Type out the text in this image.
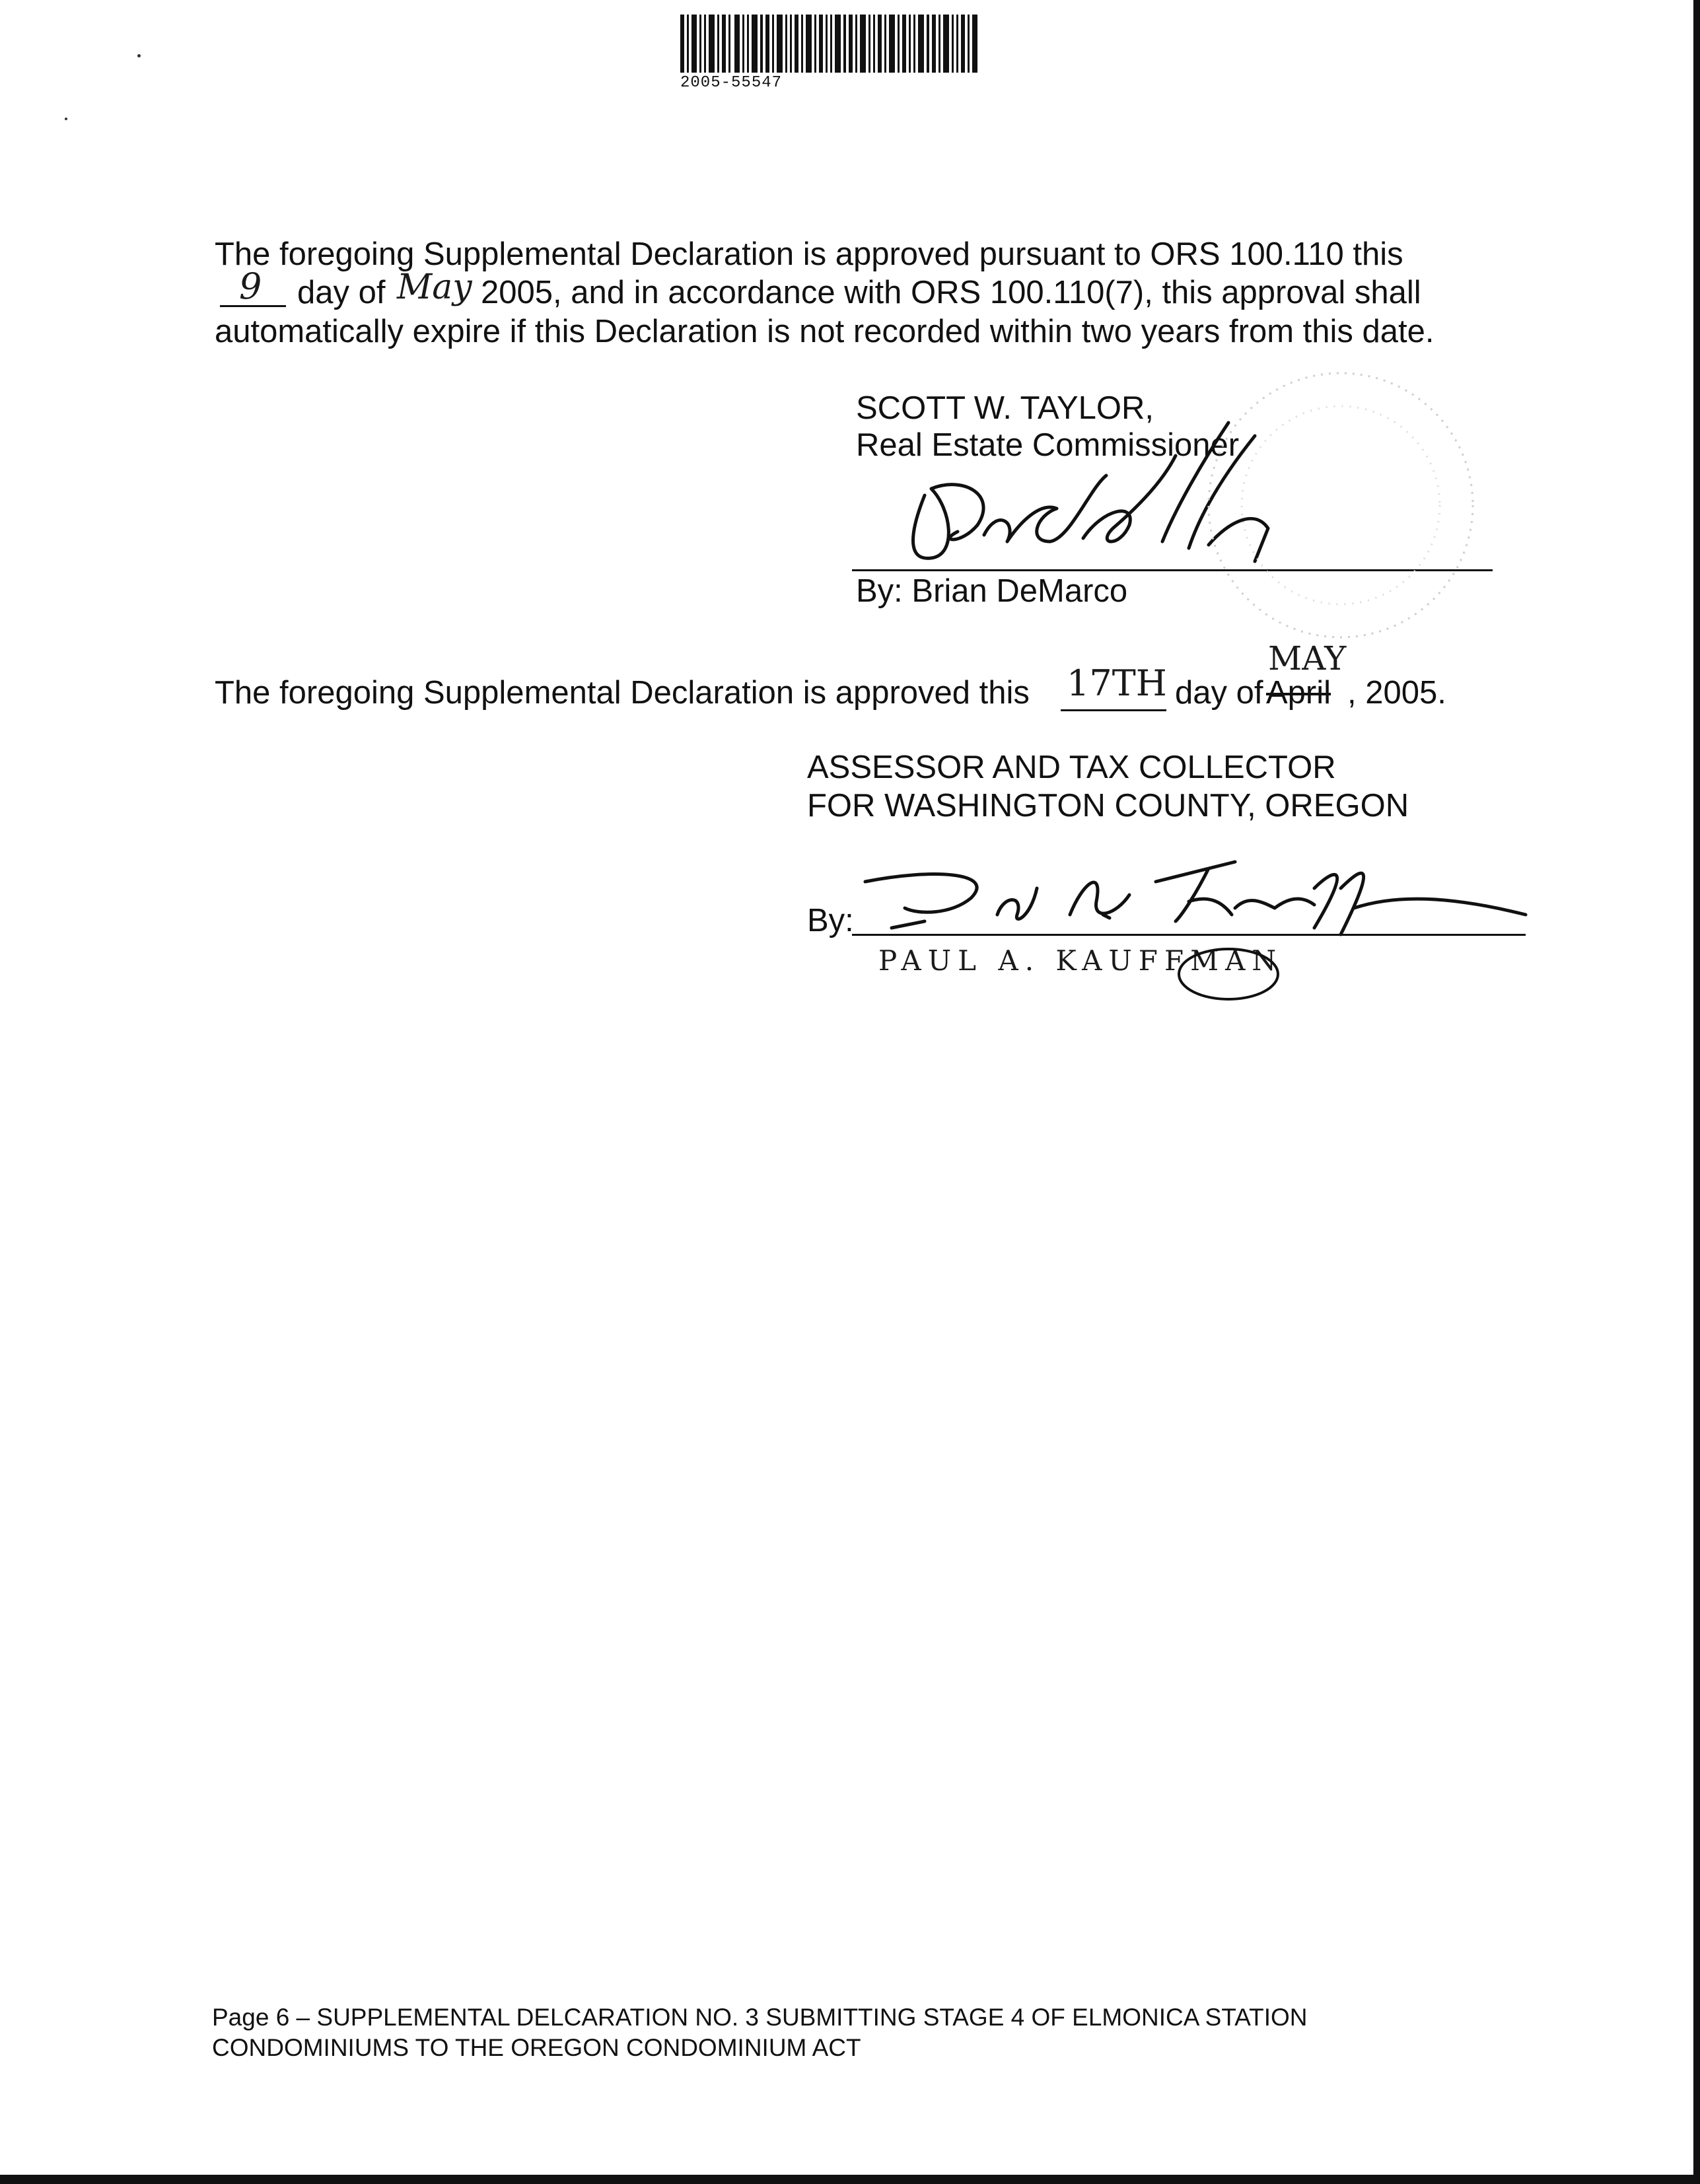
2005-55547
The foregoing Supplemental Declaration is approved pursuant to ORS 100.110 this
9 day of May 2005, and in accordance with ORS 100.110(7), this approval shall
automatically expire if this Declaration is not recorded within two years from this date.
SCOTT W. TAYLOR,
Real Estate Commissioner
By: Brian DeMarco
The foregoing Supplemental Declaration is approved this 17TH day of
MAY
April , 2005.
ASSESSOR AND TAX COLLECTOR
FOR WASHINGTON COUNTY, OREGON
By:
PAUL A. KAUFFMAN
Page 6 – SUPPLEMENTAL DELCARATION NO. 3 SUBMITTING STAGE 4 OF ELMONICA STATION
CONDOMINIUMS TO THE OREGON CONDOMINIUM ACT
